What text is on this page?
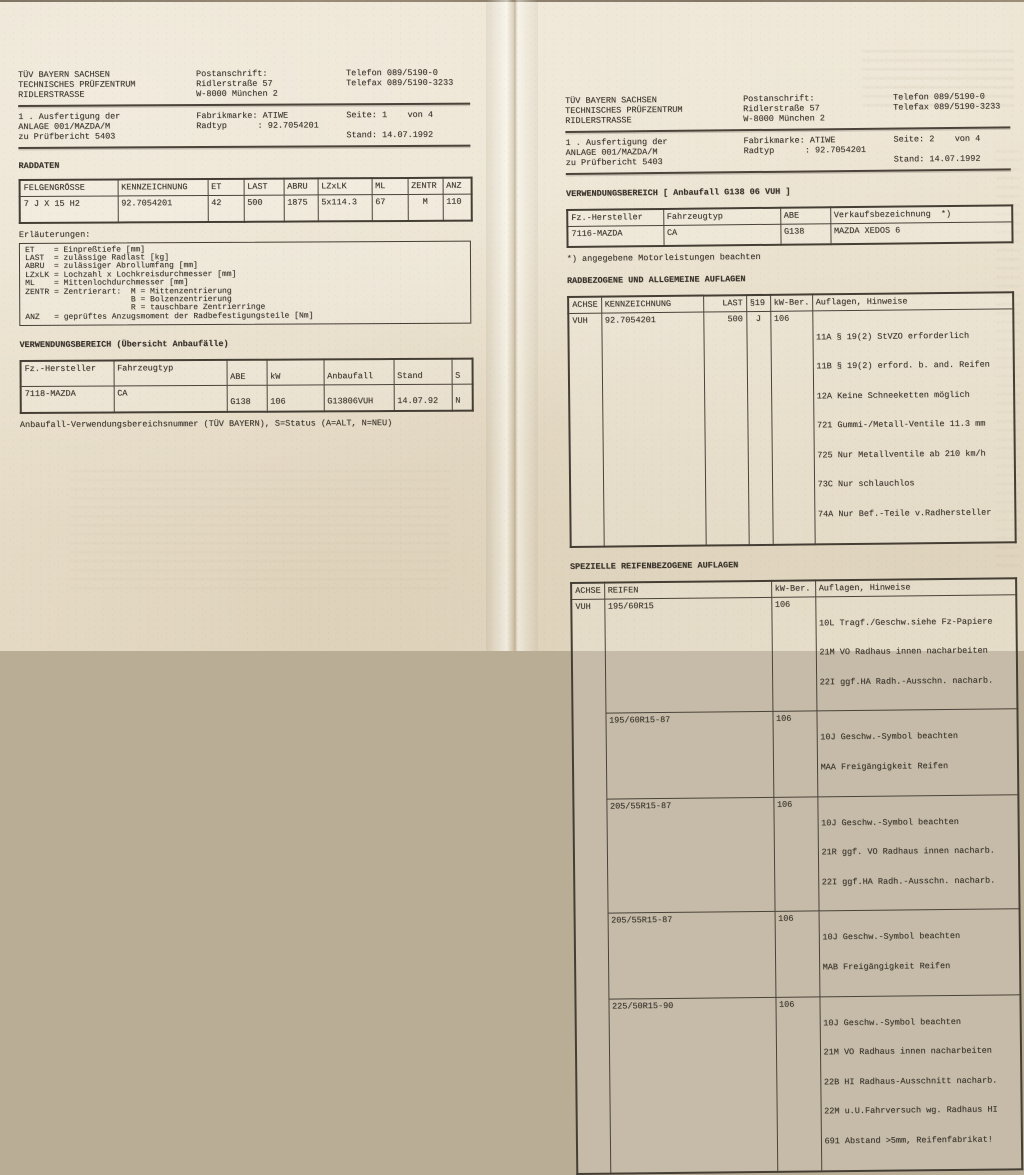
TÜV BAYERN SACHSEN
TECHNISCHES PRÜFZENTRUM
RIDLERSTRASSE
Postanschrift:
Ridlerstraße 57
W-8000 München 2
Telefon 089/5190-0
Telefax 089/5190-3233
1 . Ausfertigung der
ANLAGE 001/MAZDA/M
zu Prüfbericht 5403
Fabrikmarke: ATIWE
Radtyp      : 92.7054201
Seite: 1    von 4
Stand: 14.07.1992
RADDATEN
FELGENGRÖSSE	KENNZEICHNUNG	ET	LAST	ABRU	LZxLK	ML	ZENTR	ANZ
7 J X 15 H2	92.7054201	42	500	1875	5x114.3	67	M	110
Erläuterungen:
ET    = Einpreßtiefe [mm]
LAST  = zulässige Radlast [kg]
ABRU  = zulässiger Abrollumfang [mm]
LZxLK = Lochzahl x Lochkreisdurchmesser [mm]
ML    = Mittenlochdurchmesser [mm]
ZENTR = Zentrierart:  M = Mittenzentrierung
B = Bolzenzentrierung
R = tauschbare Zentrierringe
ANZ   = geprüftes Anzugsmoment der Radbefestigungsteile [Nm]
VERWENDUNGSBEREICH (Übersicht Anbaufälle)
Fz.-Hersteller	Fahrzeugtyp	ABE	kW	Anbaufall	Stand	S
7118-MAZDA	CA	G138	106	G13806VUH	14.07.92	N
Anbaufall-Verwendungsbereichsnummer (TÜV BAYERN), S=Status (A=ALT, N=NEU)
TÜV BAYERN SACHSEN
TECHNISCHES PRÜFZENTRUM
RIDLERSTRASSE
Postanschrift:
Ridlerstraße 57
W-8000 München 2
Telefon 089/5190-0
Telefax 089/5190-3233
1 . Ausfertigung der
ANLAGE 001/MAZDA/M
zu Prüfbericht 5403
Fabrikmarke: ATIWE
Radtyp      : 92.7054201
Seite: 2    von 4
Stand: 14.07.1992
VERWENDUNGSBEREICH [ Anbaufall G138 06 VUH ]
Fz.-Hersteller	Fahrzeugtyp	ABE	Verkaufsbezeichnung  *)
7116-MAZDA	CA	G138	MAZDA XEDOS 6
*) angegebene Motorleistungen beachten
RADBEZOGENE UND ALLGEMEINE AUFLAGEN
ACHSE	KENNZEICHNUNG	LAST	§19	kW-Ber.	Auflagen, Hinweise
VUH	92.7054201	500	J	106	

11A § 19(2) StVZO erforderlich

11B § 19(2) erford. b. and. Reifen

12A Keine Schneeketten möglich

721 Gummi-/Metall-Ventile 11.3 mm

725 Nur Metallventile ab 210 km/h

73C Nur schlauchlos

74A Nur Bef.-Teile v.Radhersteller

SPEZIELLE REIFENBEZOGENE AUFLAGEN
ACHSE	REIFEN	kW-Ber.	Auflagen, Hinweise
VUH	195/60R15	106	10L Tragf./Geschw.siehe Fz-Papiere

21M VO Radhaus innen nacharbeiten

22I ggf.HA Radh.-Ausschn. nacharb.

	195/60R15-87	106	10J Geschw.-Symbol beachten

MAA Freigängigkeit Reifen

	205/55R15-87	106	10J Geschw.-Symbol beachten

21R ggf. VO Radhaus innen nacharb.

22I ggf.HA Radh.-Ausschn. nacharb.

	205/55R15-87	106	10J Geschw.-Symbol beachten

MAB Freigängigkeit Reifen

	225/50R15-90	106	10J Geschw.-Symbol beachten

21M VO Radhaus innen nacharbeiten

22B HI Radhaus-Ausschnitt nacharb.

22M u.U.Fahrversuch wg. Radhaus HI

691 Abstand >5mm, Reifenfabrikat!
